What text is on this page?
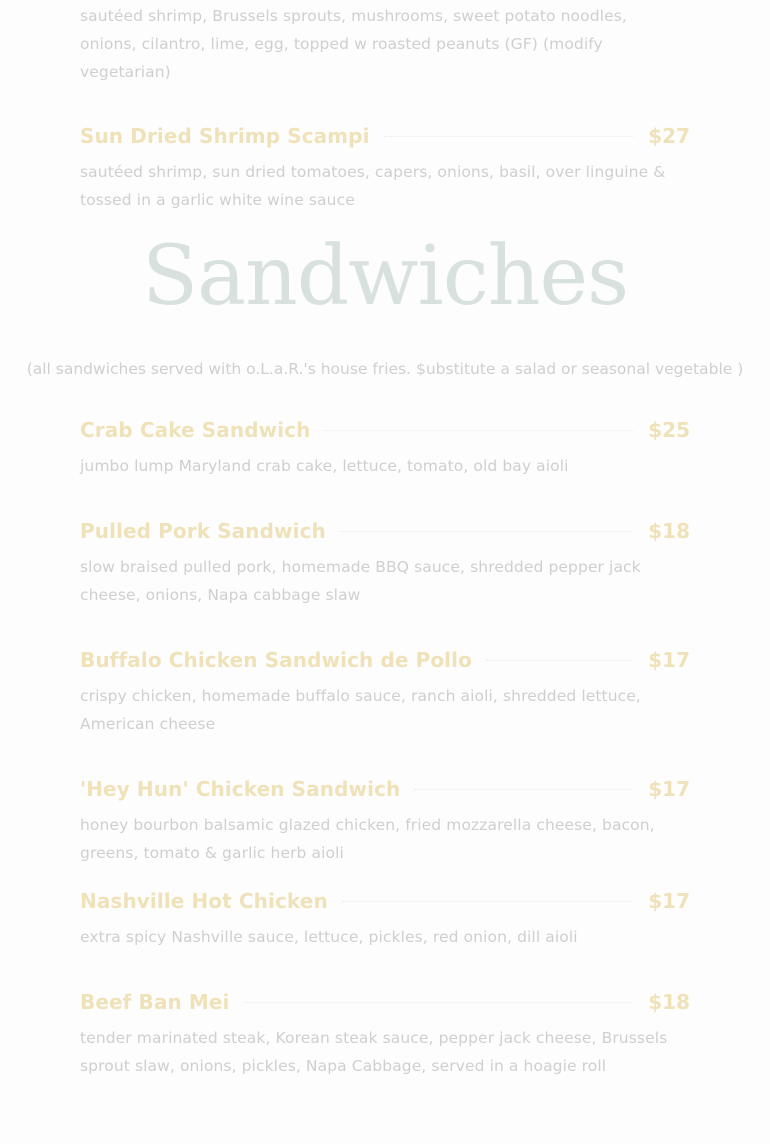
sautéed shrimp, Brussels sprouts, mushrooms, sweet potato noodles, onions, cilantro, lime, egg, topped w roasted peanuts (GF) (modify vegetarian)
Sun Dried Shrimp Scampi	$27
sautéed shrimp, sun dried tomatoes, capers, onions, basil, over linguine & tossed in a garlic white wine sauce
Sandwiches
(all sandwiches served with o.L.a.R.'s house fries. $ubstitute a salad or seasonal vegetable )
Crab Cake Sandwich	$25
jumbo lump Maryland crab cake, lettuce, tomato, old bay aioli
Pulled Pork Sandwich	$18
slow braised pulled pork, homemade BBQ sauce, shredded pepper jack cheese, onions, Napa cabbage slaw
Buffalo Chicken Sandwich de Pollo	$17
crispy chicken, homemade buffalo sauce, ranch aioli, shredded lettuce, American cheese
'Hey Hun' Chicken Sandwich	$17
honey bourbon balsamic glazed chicken, fried mozzarella cheese, bacon, greens, tomato & garlic herb aioli
Nashville Hot Chicken	$17
extra spicy Nashville sauce, lettuce, pickles, red onion, dill aioli
Beef Ban Mei	$18
tender marinated steak, Korean steak sauce, pepper jack cheese, Brussels sprout slaw, onions, pickles, Napa Cabbage, served in a hoagie roll
